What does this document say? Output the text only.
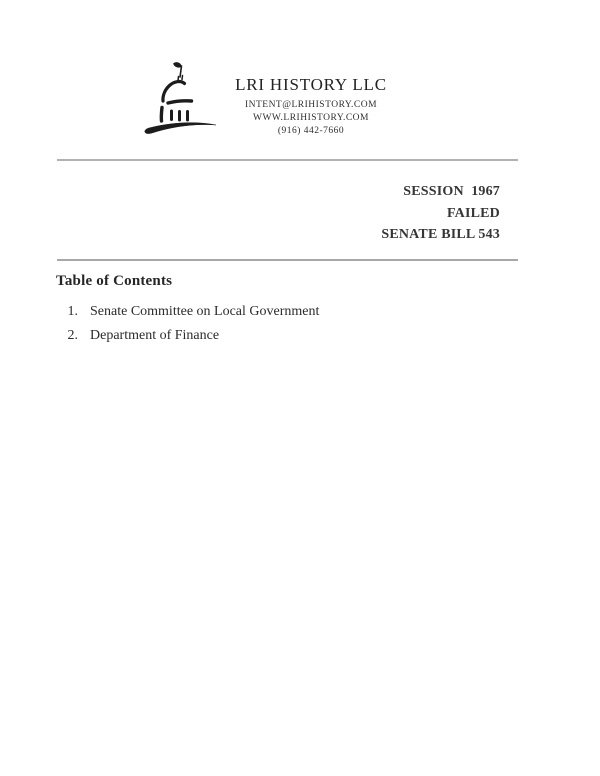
LRI HISTORY LLC
INTENT@LRIHISTORY.COM
WWW.LRIHISTORY.COM
(916) 442-7660
SESSION  1967
FAILED
SENATE BILL 543
Table of Contents
1. Senate Committee on Local Government
2. Department of Finance
